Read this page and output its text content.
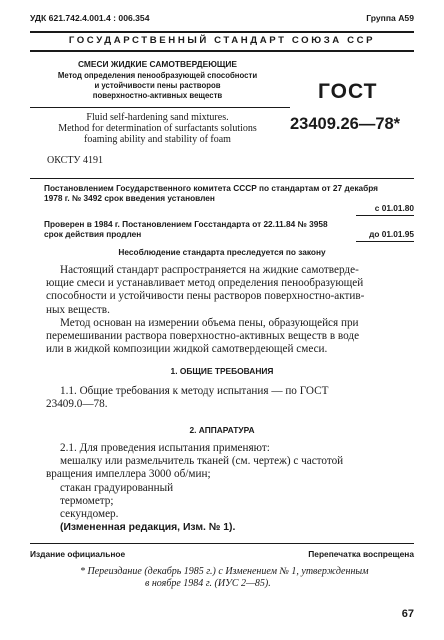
УДК 621.742.4.001.4 : 006.354	Группа А59
ГОСУДАРСТВЕННЫЙ СТАНДАРТ СОЮЗА ССР
СМЕСИ ЖИДКИЕ САМОТВЕРДЕЮЩИЕ
Метод определения пенообразующей способности
и устойчивости пены растворов
поверхностно-активных веществ
Fluid self-hardening sand mixtures.
Method for determination of surfactants solutions
foaming ability and stability of foam
ГОСТ
23409.26—78*
ОКСТУ 4191
Постановлением Государственного комитета СССР по стандартам от 27 декабря
1978 г. № 3492 срок введения установлен
с 01.01.80
Проверен в 1984 г. Постановлением Госстандарта от 22.11.84 № 3958
срок действия продлен	до 01.01.95
Несоблюдение стандарта преследуется по закону
Настоящий стандарт распространяется на жидкие самотверде-
ющие смеси и устанавливает метод определения пенообразующей
способности и устойчивости пены растворов поверхностно-актив-
ных веществ.
Метод основан на измерении объема пены, образующейся при
перемешивании раствора поверхностно-активных веществ в воде
или в жидкой композиции жидкой самотвердеющей смеси.
1. ОБЩИЕ ТРЕБОВАНИЯ
1.1. Общие требования к методу испытания — по ГОСТ
23409.0—78.
2. АППАРАТУРА
2.1. Для проведения испытания применяют:
мешалку или размельчитель тканей (см. чертеж) с частотой
вращения импеллера 3000 об/мин;
стакан градуированный
термометр;
секундомер.
(Измененная редакция, Изм. № 1).
Издание официальное	Перепечатка воспрещена
* Переиздание (декабрь 1985 г.) с Изменением № 1, утвержденным
в ноябре 1984 г. (ИУС 2—85).
67
